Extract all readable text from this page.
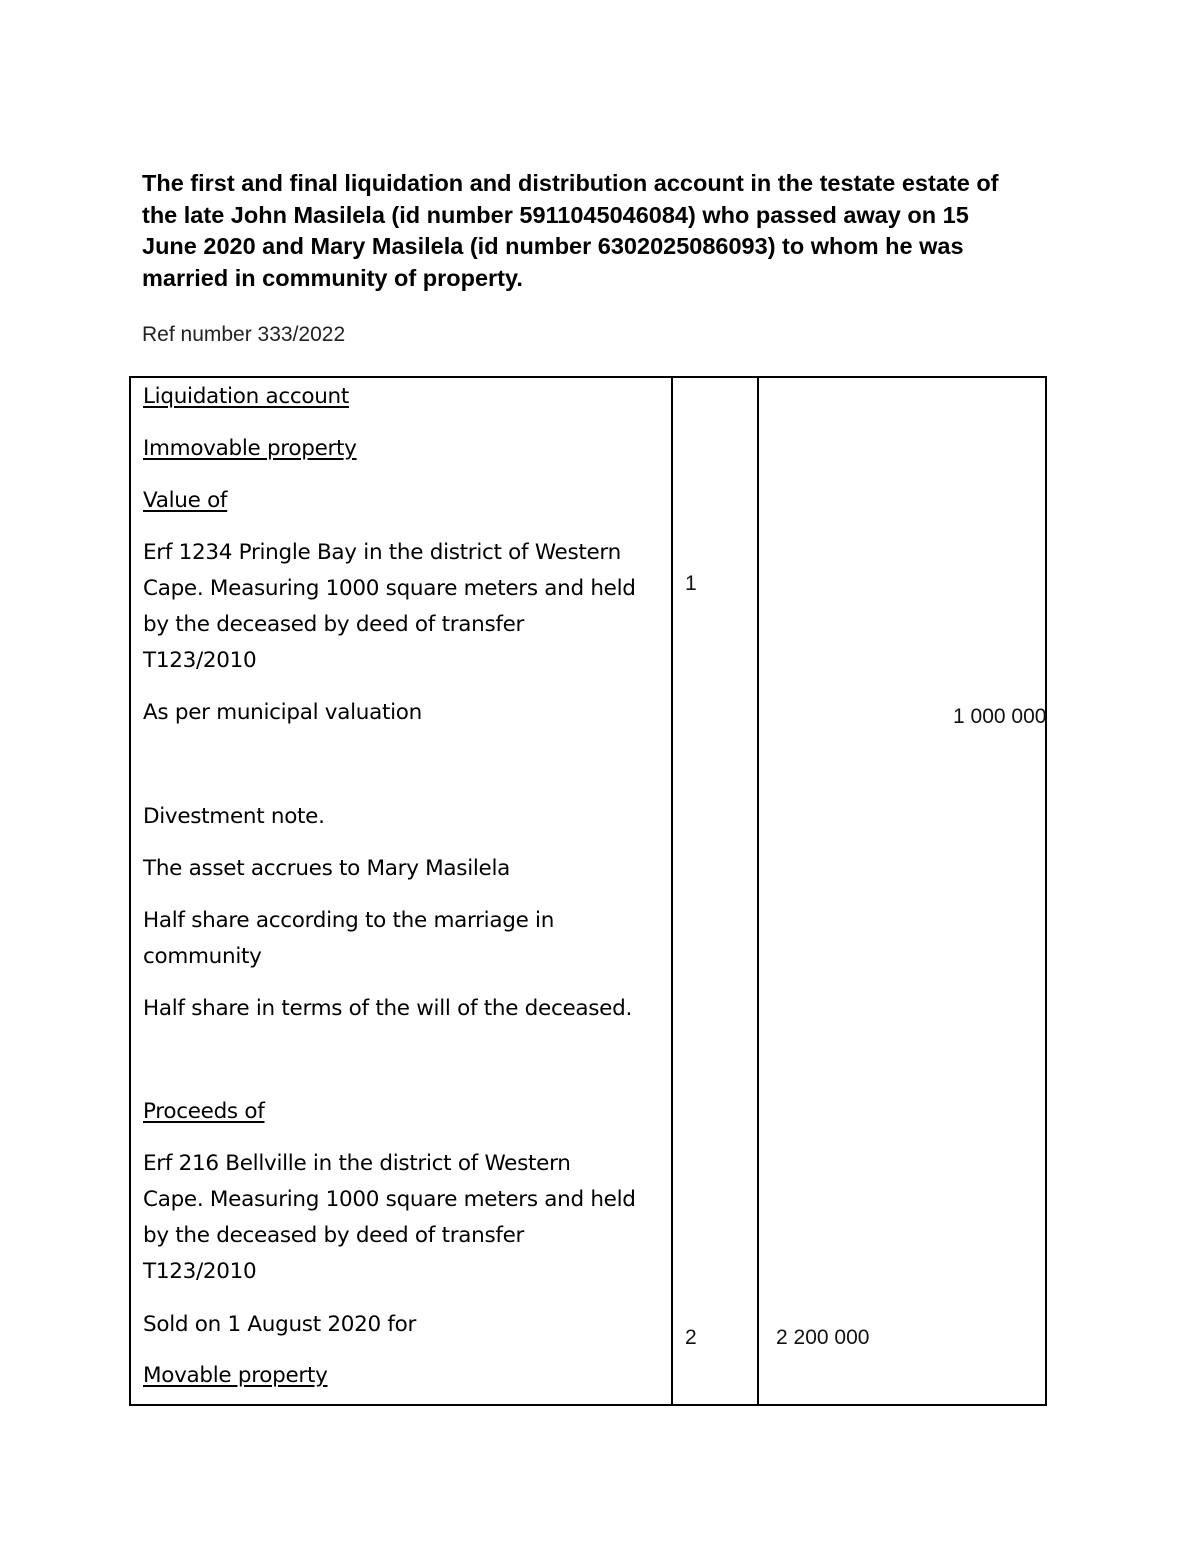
The first and final liquidation and distribution account in the testate estate of
the late John Masilela (id number 5911045046084) who passed away on 15
June 2020 and Mary Masilela (id number 6302025086093) to whom he was
married in community of property.
Ref number 333/2022
Liquidation account
Immovable property
Value of
Erf 1234 Pringle Bay in the district of Western
Cape. Measuring 1000 square meters and held
by the deceased by deed of transfer
T123/2010
As per municipal valuation
Divestment note.
The asset accrues to Mary Masilela
Half share according to the marriage in
community
Half share in terms of the will of the deceased.
Proceeds of
Erf 216 Bellville in the district of Western
Cape. Measuring 1000 square meters and held
by the deceased by deed of transfer
T123/2010
Sold on 1 August 2020 for
Movable property
1
2
1 000 000
2 200 000
